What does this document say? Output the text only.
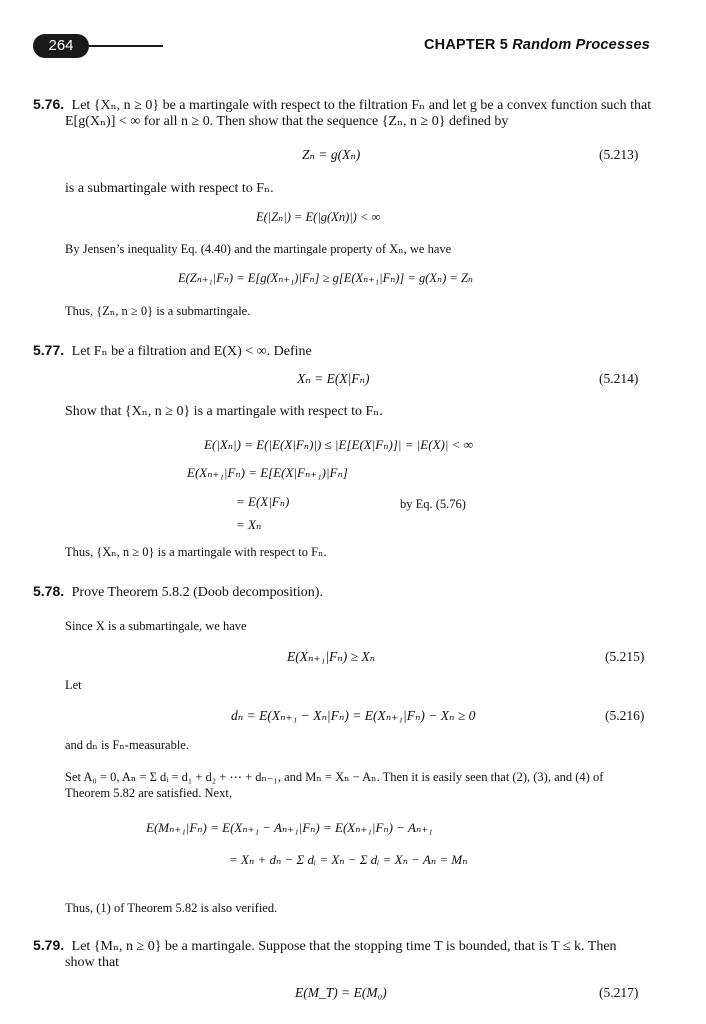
264	CHAPTER 5 Random Processes
5.76. Let {Xₙ, n ≥ 0} be a martingale with respect to the filtration Fₙ and let g be a convex function such that
E[g(Xₙ)] < ∞ for all n ≥ 0. Then show that the sequence {Zₙ, n ≥ 0} defined by
Zₙ = g(Xₙ)	(5.213)
is a submartingale with respect to Fₙ.
E(|Zₙ|) = E(|g(Xn)|) < ∞
By Jensen’s inequality Eq. (4.40) and the martingale property of Xₙ, we have
E(Zₙ₊₁|Fₙ) = E[g(Xₙ₊₁)|Fₙ] ≥ g[E(Xₙ₊₁|Fₙ)] = g(Xₙ) = Zₙ
Thus, {Zₙ, n ≥ 0} is a submartingale.
5.77. Let Fₙ be a filtration and E(X) < ∞. Define
Xₙ = E(X|Fₙ)	(5.214)
Show that {Xₙ, n ≥ 0} is a martingale with respect to Fₙ.
E(|Xₙ|) = E(|E(X|Fₙ)|) ≤ |E[E(X|Fₙ)]| = |E(X)| < ∞
E(Xₙ₊₁|Fₙ) = E[E(X|Fₙ₊₁)|Fₙ]
= E(X|Fₙ)	by Eq. (5.76)
= Xₙ
Thus, {Xₙ, n ≥ 0} is a martingale with respect to Fₙ.
5.78. Prove Theorem 5.8.2 (Doob decomposition).
Since X is a submartingale, we have
E(Xₙ₊₁|Fₙ) ≥ Xₙ	(5.215)
Let
dₙ = E(Xₙ₊₁ − Xₙ|Fₙ) = E(Xₙ₊₁|Fₙ) − Xₙ ≥ 0	(5.216)
and dₙ is Fₙ-measurable.
Set A₀ = 0, Aₙ = Σ dᵢ = d₁ + d₂ + ⋯ + dₙ₋₁, and Mₙ = Xₙ − Aₙ. Then it is easily seen that (2), (3), and (4) of
Theorem 5.82 are satisfied. Next,
E(Mₙ₊₁|Fₙ) = E(Xₙ₊₁ − Aₙ₊₁|Fₙ) = E(Xₙ₊₁|Fₙ) − Aₙ₊₁
= Xₙ + dₙ − Σ dᵢ = Xₙ − Σ dᵢ = Xₙ − Aₙ = Mₙ
Thus, (1) of Theorem 5.82 is also verified.
5.79. Let {Mₙ, n ≥ 0} be a martingale. Suppose that the stopping time T is bounded, that is T ≤ k. Then
show that
E(M_T) = E(M₀)	(5.217)
